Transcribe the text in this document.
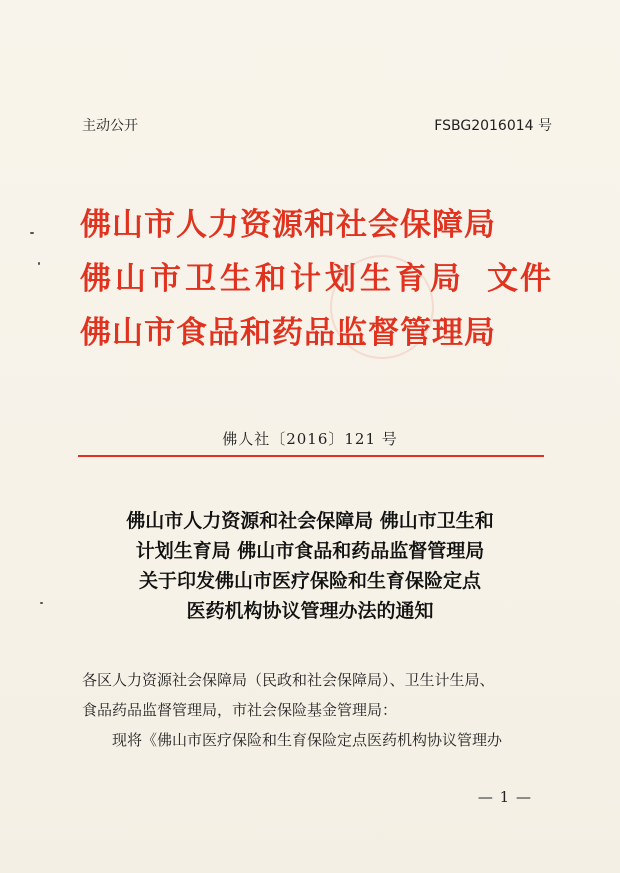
主动公开	FSBG2016014 号
佛山市人力资源和社会保障局
佛山市卫生和计划生育局
佛山市食品和药品监督管理局
文件
佛人社〔2016〕121 号
佛山市人力资源和社会保障局 佛山市卫生和
计划生育局 佛山市食品和药品监督管理局
关于印发佛山市医疗保险和生育保险定点
医药机构协议管理办法的通知

各区人力资源社会保障局（民政和社会保障局）、卫生计生局、

食品药品监督管理局，市社会保险基金管理局：

现将《佛山市医疗保险和生育保险定点医药机构协议管理办

— 1 —
